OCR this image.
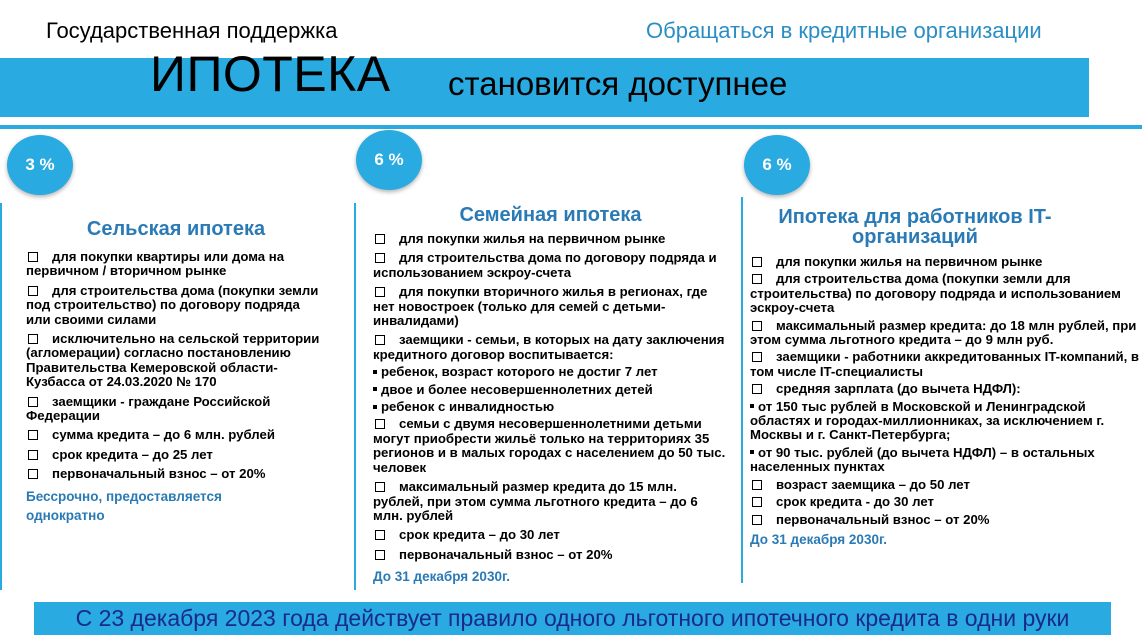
Государственная поддержка	Обращаться в кредитные организации
ИПОТЕКА становится доступнее
3 %
Сельская ипотека
для покупки квартиры или дома на первичном / вторичном рынке
для строительства дома (покупки земли под строительство) по договору подряда или своими силами
исключительно на сельской территории (агломерации) согласно постановлению Правительства Кемеровской области- Кузбасса от 24.03.2020 № 170
заемщики - граждане Российской Федерации
сумма кредита – до 6 млн. рублей
срок кредита – до 25 лет
первоначальный взнос – от 20%
Бессрочно, предоставляется однократно
6 %
Семейная ипотека
для покупки жилья на первичном рынке
для строительства дома по договору подряда и использованием эскроу-счета
для покупки вторичного жилья в регионах, где нет новостроек (только для семей с детьми-инвалидами)
заемщики - семьи, в которых на дату заключения кредитного договор воспитывается:
ребенок, возраст которого не достиг 7 лет
двое и более несовершеннолетних детей
ребенок с инвалидностью
семьи с двумя несовершеннолетними детьми могут приобрести жильё только на территориях 35 регионов и в малых городах с населением до 50 тыс. человек
максимальный размер кредита до 15 млн. рублей, при этом сумма льготного кредита – до 6 млн. рублей
срок кредита – до 30 лет
первоначальный взнос – от 20%
До 31 декабря 2030г.
6 %
Ипотека для работников IT-организаций
для покупки жилья на первичном рынке
для строительства дома (покупки земли для строительства) по договору подряда и использованием эскроу-счета
максимальный размер кредита: до 18 млн рублей, при этом сумма льготного кредита – до 9 млн руб.
заемщики - работники аккредитованных IT-компаний, в том числе IT-специалисты
средняя зарплата (до вычета НДФЛ):
от 150 тыс рублей в Московской и Ленинградской областях и городах-миллионниках, за исключением г. Москвы и г. Санкт-Петербурга;
от 90 тыс. рублей (до вычета НДФЛ) – в остальных населенных пунктах
возраст заемщика – до 50 лет
срок кредита - до 30 лет
первоначальный взнос – от 20%
До 31 декабря 2030г.
С 23 декабря 2023 года действует правило одного льготного ипотечного кредита в одни руки
